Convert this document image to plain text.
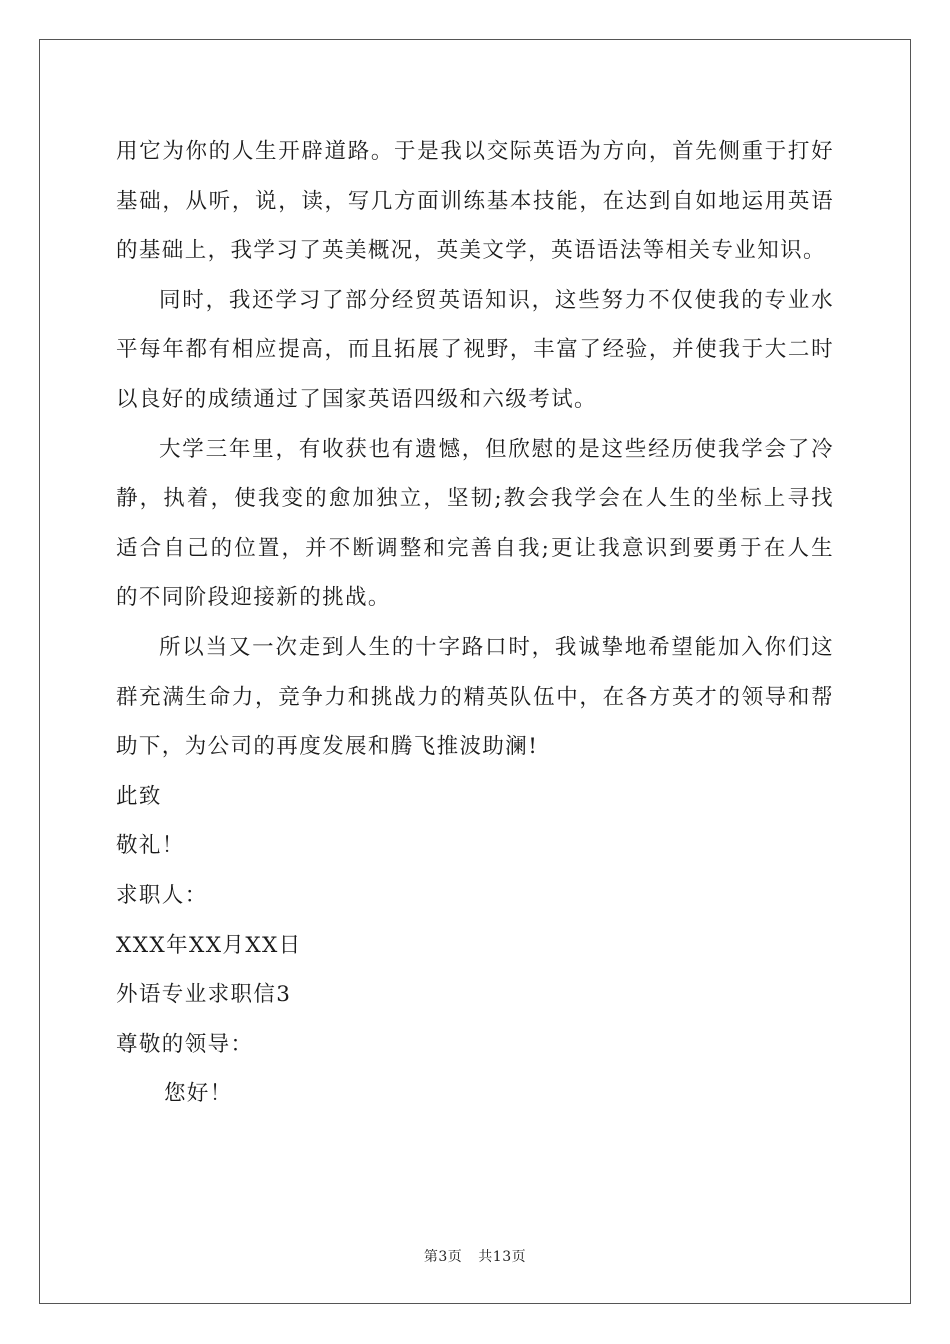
用它为你的人生开辟道路。于是我以交际英语为方向，首先侧重于打好基础，从听，说，读，写几方面训练基本技能，在达到自如地运用英语的基础上，我学习了英美概况，英美文学，英语语法等相关专业知识。

同时，我还学习了部分经贸英语知识，这些努力不仅使我的专业水平每年都有相应提高，而且拓展了视野，丰富了经验，并使我于大二时以良好的成绩通过了国家英语四级和六级考试。

大学三年里，有收获也有遗憾，但欣慰的是这些经历使我学会了冷静，执着，使我变的愈加独立，坚韧;教会我学会在人生的坐标上寻找适合自己的位置，并不断调整和完善自我;更让我意识到要勇于在人生的不同阶段迎接新的挑战。

所以当又一次走到人生的十字路口时，我诚挚地希望能加入你们这群充满生命力，竞争力和挑战力的精英队伍中，在各方英才的领导和帮助下，为公司的再度发展和腾飞推波助澜!

此致

敬礼！

求职人：

XXX年XX月XX日

外语专业求职信3

尊敬的领导：

您好！

第3页 共13页
